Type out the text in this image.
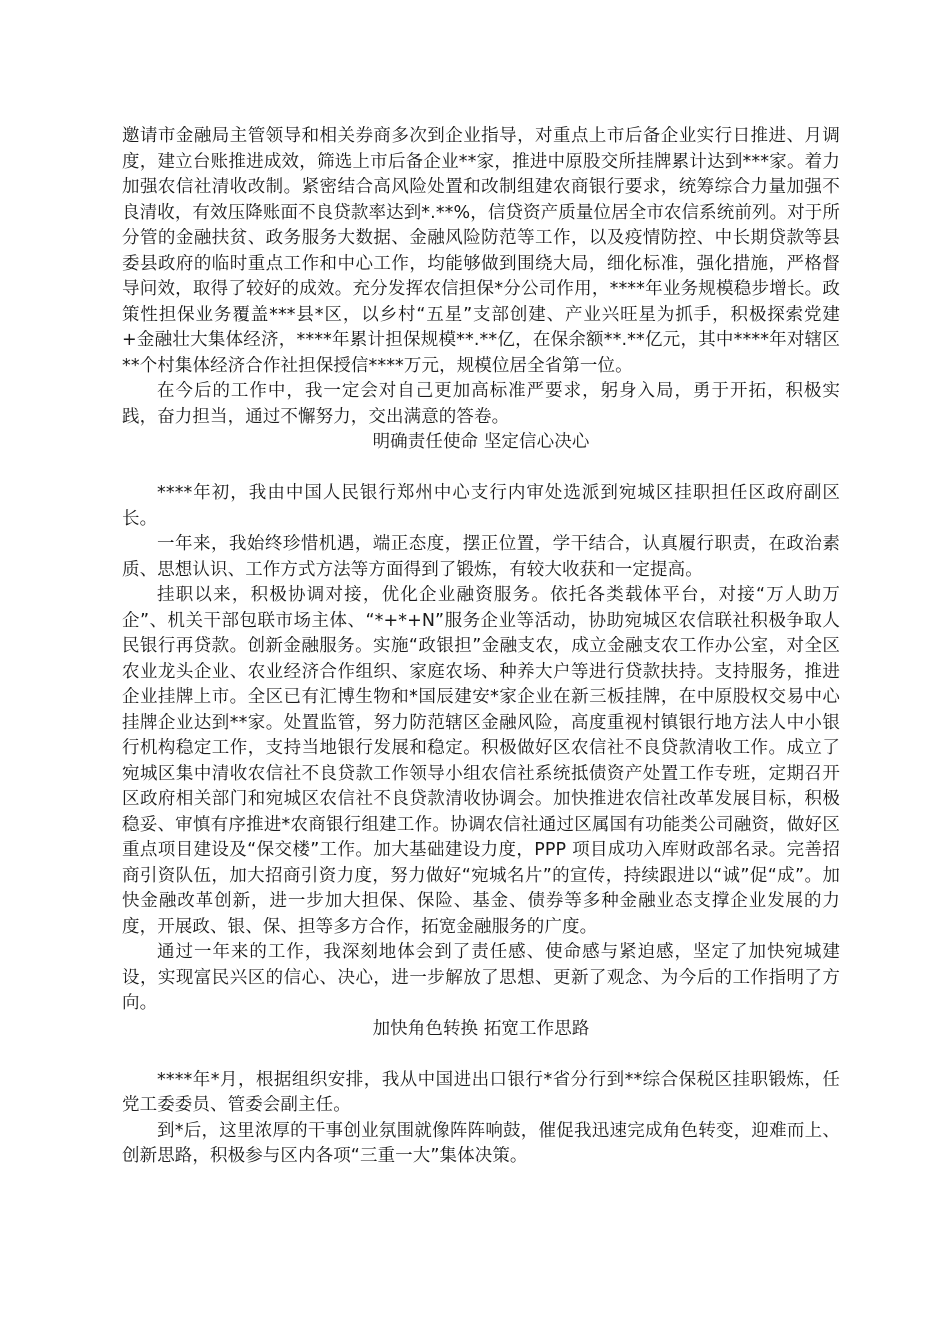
邀请市金融局主管领导和相关券商多次到企业指导，对重点上市后备企业实行日推进、月调度，建立台账推进成效，筛选上市后备企业**家，推进中原股交所挂牌累计达到***家。着力加强农信社清收改制。紧密结合高风险处置和改制组建农商银行要求，统筹综合力量加强不良清收，有效压降账面不良贷款率达到*.**%，信贷资产质量位居全市农信系统前列。对于所分管的金融扶贫、政务服务大数据、金融风险防范等工作，以及疫情防控、中长期贷款等县委县政府的临时重点工作和中心工作，均能够做到围绕大局，细化标准，强化措施，严格督导问效，取得了较好的成效。充分发挥农信担保*分公司作用，****年业务规模稳步增长。政策性担保业务覆盖***县*区，以乡村“五星”支部创建、产业兴旺星为抓手，积极探索党建+金融壮大集体经济，****年累计担保规模**.**亿，在保余额**.**亿元，其中****年对辖区**个村集体经济合作社担保授信****万元，规模位居全省第一位。

在今后的工作中，我一定会对自己更加高标准严要求，躬身入局，勇于开拓，积极实践，奋力担当，通过不懈努力，交出满意的答卷。

明确责任使命 坚定信心决心

****年初，我由中国人民银行郑州中心支行内审处选派到宛城区挂职担任区政府副区长。

一年来，我始终珍惜机遇，端正态度，摆正位置，学干结合，认真履行职责，在政治素质、思想认识、工作方式方法等方面得到了锻炼，有较大收获和一定提高。

挂职以来，积极协调对接，优化企业融资服务。依托各类载体平台，对接“万人助万企”、机关干部包联市场主体、“*+*+N”服务企业等活动，协助宛城区农信联社积极争取人民银行再贷款。创新金融服务。实施“政银担”金融支农，成立金融支农工作办公室，对全区农业龙头企业、农业经济合作组织、家庭农场、种养大户等进行贷款扶持。支持服务，推进企业挂牌上市。全区已有汇博生物和*国辰建安*家企业在新三板挂牌，在中原股权交易中心挂牌企业达到**家。处置监管，努力防范辖区金融风险，高度重视村镇银行地方法人中小银行机构稳定工作，支持当地银行发展和稳定。积极做好区农信社不良贷款清收工作。成立了宛城区集中清收农信社不良贷款工作领导小组农信社系统抵债资产处置工作专班，定期召开区政府相关部门和宛城区农信社不良贷款清收协调会。加快推进农信社改革发展目标，积极稳妥、审慎有序推进*农商银行组建工作。协调农信社通过区属国有功能类公司融资，做好区重点项目建设及“保交楼”工作。加大基础建设力度，PPP 项目成功入库财政部名录。完善招商引资队伍，加大招商引资力度，努力做好“宛城名片”的宣传，持续跟进以“诚”促“成”。加快金融改革创新，进一步加大担保、保险、基金、债券等多种金融业态支撑企业发展的力度，开展政、银、保、担等多方合作，拓宽金融服务的广度。

通过一年来的工作，我深刻地体会到了责任感、使命感与紧迫感，坚定了加快宛城建设，实现富民兴区的信心、决心，进一步解放了思想、更新了观念、为今后的工作指明了方向。

加快角色转换 拓宽工作思路

****年*月，根据组织安排，我从中国进出口银行*省分行到**综合保税区挂职锻炼，任党工委委员、管委会副主任。

到*后，这里浓厚的干事创业氛围就像阵阵响鼓，催促我迅速完成角色转变，迎难而上、创新思路，积极参与区内各项“三重一大”集体决策。
